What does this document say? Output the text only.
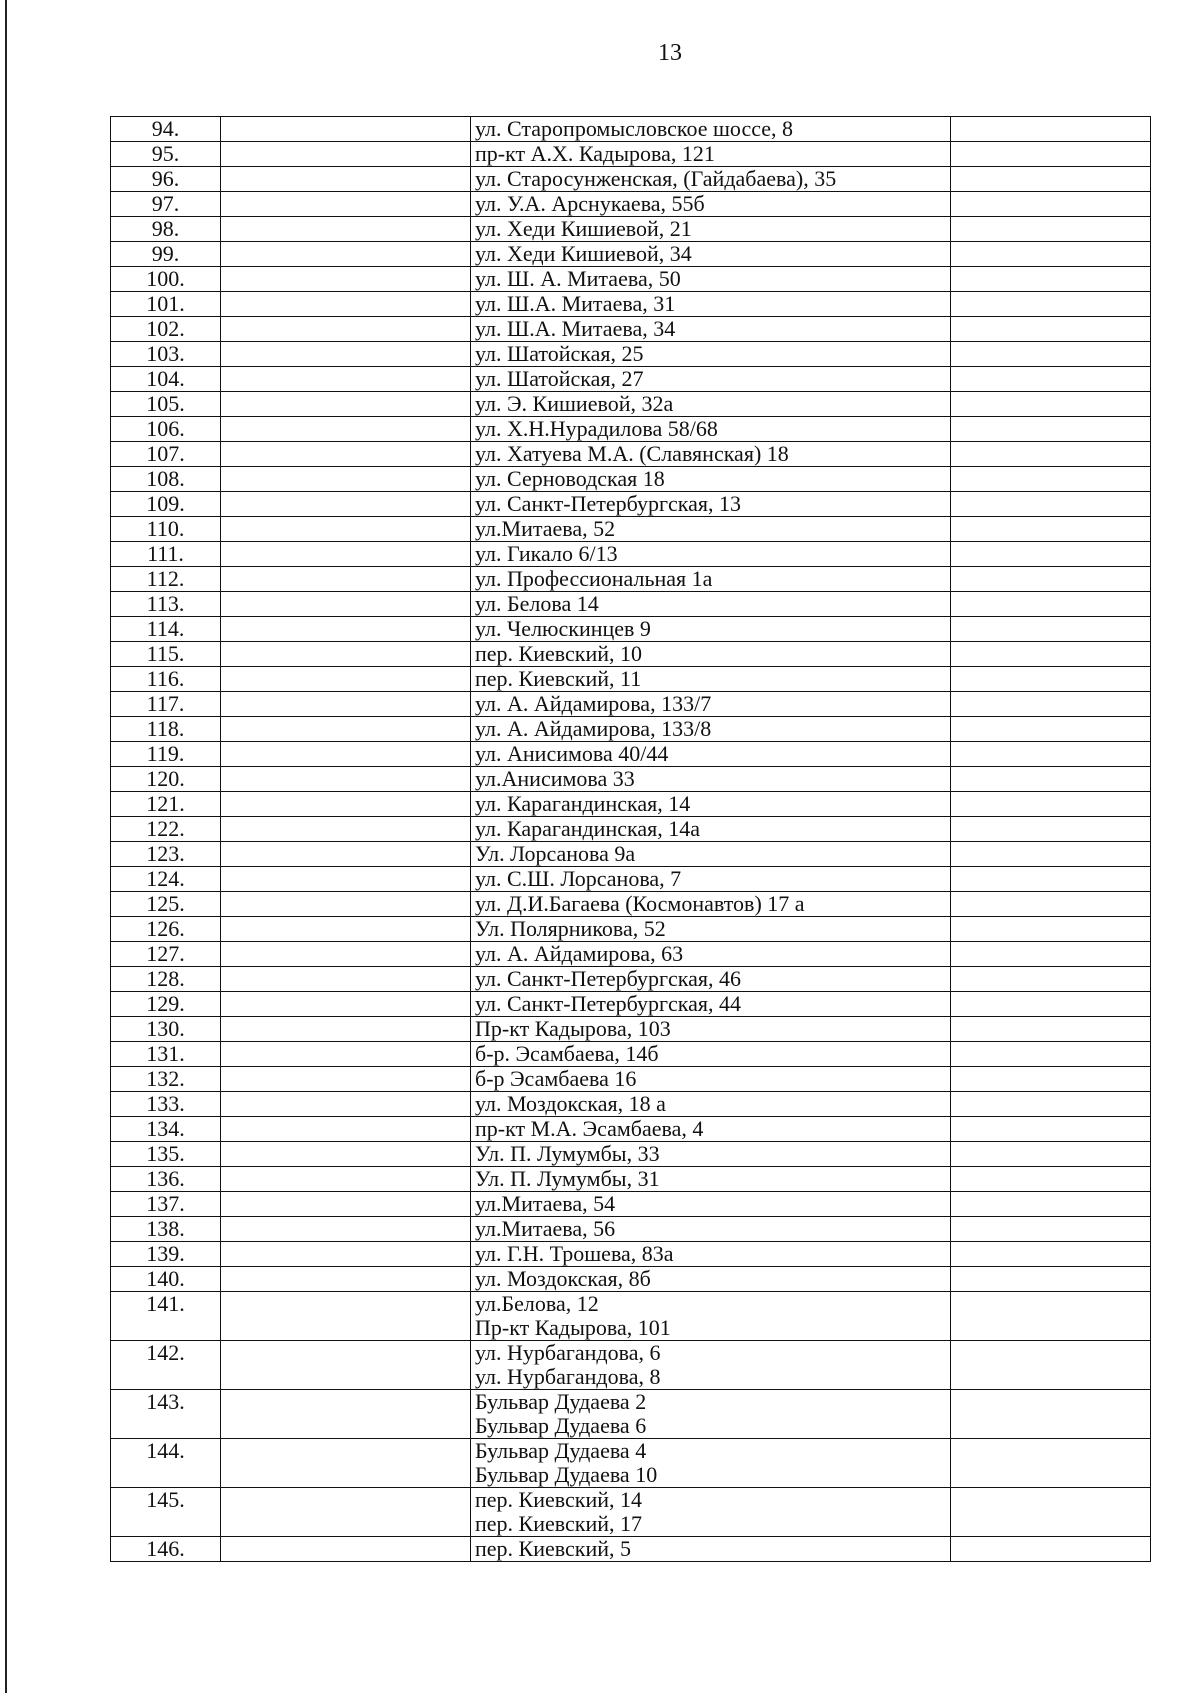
13
94.		ул. Старопромысловское шоссе, 8	

95.		пр-кт А.Х. Кадырова, 121	

96.		ул. Старосунженская, (Гайдабаева), 35	

97.		ул. У.А. Арснукаева, 55б	

98.		ул. Хеди Кишиевой, 21	

99.		ул. Хеди Кишиевой, 34	

100.		ул. Ш. А. Митаева, 50	

101.		ул. Ш.А. Митаева, 31	

102.		ул. Ш.А. Митаева, 34	

103.		ул. Шатойская, 25	

104.		ул. Шатойская, 27	

105.		ул. Э. Кишиевой, 32а	

106.		ул. Х.Н.Нурадилова 58/68	

107.		ул. Хатуева М.А. (Славянская) 18	

108.		ул. Серноводская 18	

109.		ул. Санкт-Петербургская, 13	

110.		ул.Митаева, 52	

111.		ул. Гикало 6/13	

112.		ул. Профессиональная 1а	

113.		ул. Белова 14	

114.		ул. Челюскинцев 9	

115.		пер. Киевский, 10	

116.		пер. Киевский, 11	

117.		ул. А. Айдамирова, 133/7	

118.		ул. А. Айдамирова, 133/8	

119.		ул. Анисимова 40/44	

120.		ул.Анисимова 33	

121.		ул. Карагандинская, 14	

122.		ул. Карагандинская, 14а	

123.		Ул. Лорсанова 9а	

124.		ул. С.Ш. Лорсанова, 7	

125.		ул. Д.И.Багаева (Космонавтов) 17 а	

126.		Ул. Полярникова, 52	

127.		ул. А. Айдамирова, 63	

128.		ул. Санкт-Петербургская, 46	

129.		ул. Санкт-Петербургская, 44	

130.		Пр-кт Кадырова, 103	

131.		б-р. Эсамбаева, 14б	

132.		б-р Эсамбаева 16	

133.		ул. Моздокская, 18 а	

134.		пр-кт М.А. Эсамбаева, 4	

135.		Ул. П. Лумумбы, 33	

136.		Ул. П. Лумумбы, 31	

137.		ул.Митаева, 54	

138.		ул.Митаева, 56	

139.		ул. Г.Н. Трошева, 83а	

140.		ул. Моздокская, 8б	

141.		ул.Белова, 12
Пр-кт Кадырова, 101	

142.		ул. Нурбагандова, 6
ул. Нурбагандова, 8	

143.		Бульвар Дудаева 2
Бульвар Дудаева 6	

144.		Бульвар Дудаева 4
Бульвар Дудаева 10	

145.		пер. Киевский, 14
пер. Киевский, 17	

146.		пер. Киевский, 5	
